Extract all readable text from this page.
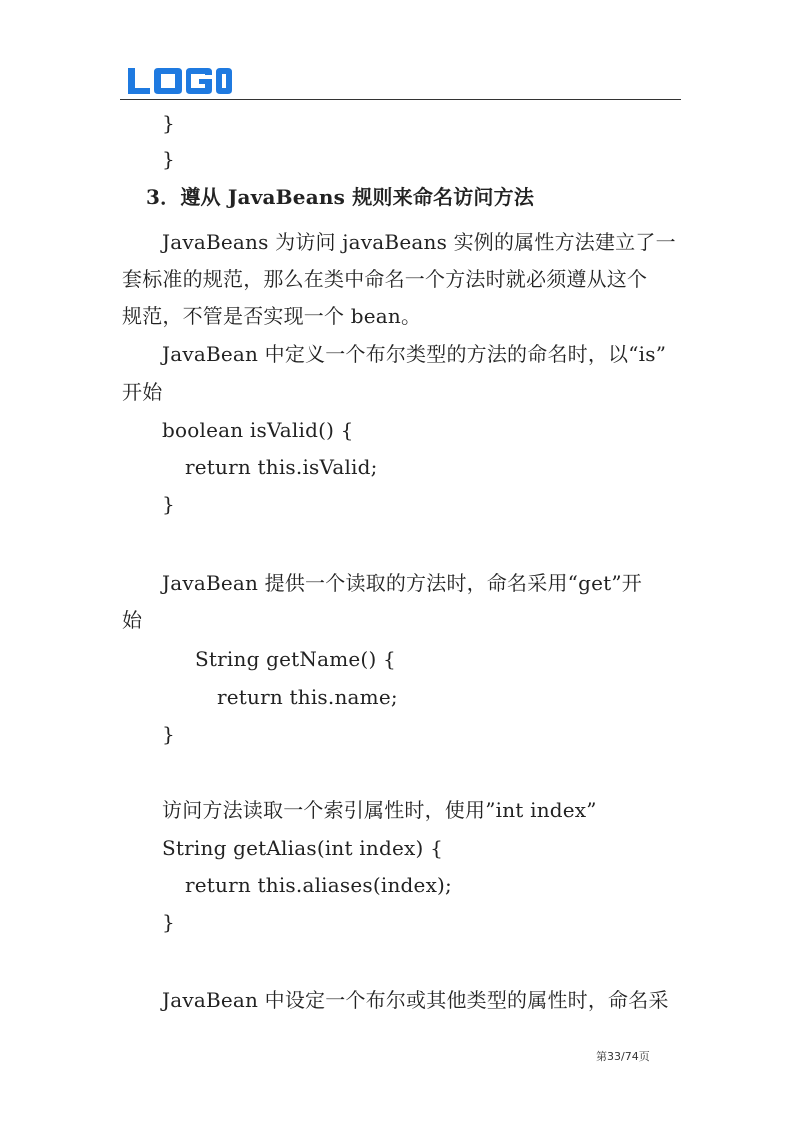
}
}
3．遵从 JavaBeans 规则来命名访问方法
JavaBeans 为访问 javaBeans 实例的属性方法建立了一
套标准的规范，那么在类中命名一个方法时就必须遵从这个
规范，不管是否实现一个 bean。
JavaBean 中定义一个布尔类型的方法的命名时，以“is”
开始
boolean isValid() {
return this.isValid;
}
JavaBean 提供一个读取的方法时，命名采用“get”开
始
String getName() {
return this.name;
}
访问方法读取一个索引属性时，使用”int index”
String getAlias(int index) {
return this.aliases(index);
}
JavaBean 中设定一个布尔或其他类型的属性时，命名采
第33/74页
